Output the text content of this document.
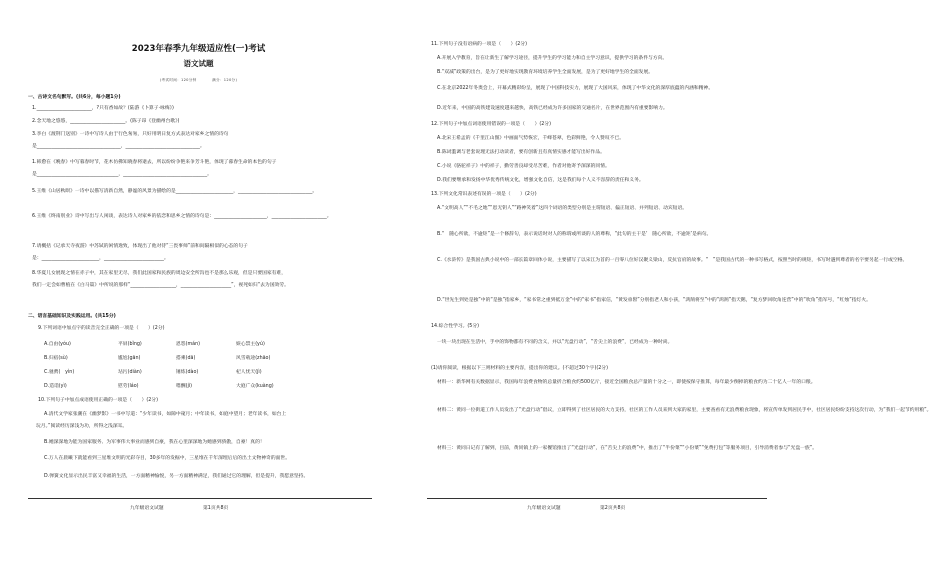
2023年春季九年级适应性(一)考试
语文试题
(考试时间：120分钟　　　　满分：120分)
一、古诗文名句默写。(共6分，每小题1分)
1._______________________，?只有香如故？(陆游《卜算子·咏梅》)
2.念天地之悠悠，_______________________。(陈子昂《登幽州台歌》)
3.李白《渡荆门送别》一诗中写诗人由于行色匆匆，只好用明日复方式表达对家乡之情的诗句
是___________________________________，_______________________________。
1.韩愈在《晚春》中写暮春时节，花木仿佛知晓春将逝去，所以纷纷争艳来争芳斗艳，体现了暮春生命的本色的句子
是__________________________________，___________________________________。
5.王维《山居秋暝》一诗中以描写清新自然，静谧的风景为描绘的是________________________，_______________________________。
6.王维《终南别业》诗中写出与人闲谈，表达诗人对家乡的依恋和思乡之情的诗句是：______________________，_______________________。
7.请概括《记承天寺夜游》中苏轼的闲情逸致，体现出了他对待“三畏事师”前和间隔相似的心态的句子
是：________________________，_________________________。
8.华夏儿女展现之情在赤子中，其在家里无尽，我们此国家和民族的周边安全所沟也不是那么乐观，但是只要国家有难，
我们一定会如曹植在《白马篇》中所说的那样“___________________，_____________________”，视死如归“去为国效劳。
二、语言基础知识及实践运用。(共15分)
9.下列词语中加点字的读音完全正确的一项是（　　）(2分)
A.自由(yóu)	平屏(bǐng)	恩怨(mán)	娱心禁主(yú)
B.归宿(sù)	尴尬(gān)	搭乘(dā)	风雪载途(zhāo)
C.驰骋(　yìn)	玷污(diàn)	锤炼(dào)	杞人忧天(jì)
D.造诣(yì)	慰劳(láo)	嗜酬(jì)	大庭广众(kuàng)
10.下列句子中加点成语使用正确的一项是（　　）(2分)
A.清代文学家张潮在《幽梦影》一书中写道：“少年读书，如隙中窥月；中年读书，如庭中望月；老年读书，如台上
玩月。”阅读经历深浅为功，所得之浅深耳。
B.她深深地为能为国家服务、为军事伟大事业而感到自豪，我在心里深深地为她感到骄傲，自豪！真的！
C.万人在晨曦下就能看到三星堆文明的光彩夺目，30多年的发掘中，三星堆在千年深埋后后的出土文物神奇的面世。
D.弹簧文化显示出民丰富又幸福的生活，一方面精神愉悦，另一方面精神满足，我们通过它的理解，但是提升，我愿意坚持。
九年级语文试题	第1页共8页
11.下列句子没有语病的一项是（　　）(2分)
A.开展入学教育，旨在让新生了解学习途径，提升学生的学习能力和自主学习意识，提供学习的条件与方向。
B.“双减”政策的出台，是为了更好地实现教育环境培养学生全面发展，是为了更好地学生的全面发展。
C.在北京2022年冬奥会上，开幕式精彩纷呈，展现了中国科技实力，展现了大国风采，体现了中华文化的深厚底蕴的内涵和精神。
D.近年来，中国的高铁建设速度越来越快，高铁已经成为许多国家的交通名片，在世界范围内有重要影响力。
12.下列句子中加点词语使用错误的一项是（　　）(2分)
A.北宋王希孟的《千里江山图》中画面气势恢宏，千峰苍翠，色彩鲜艳，令人赞叹不已。
B.陈词滥调与老套说理无法打动读者，要有创新且有真情实感才能写出好作品。
C.小说《骆驼祥子》中的祥子，勤劳善良却受尽苦难，作者对他寄予深深的同情。
D.我们要继承和发扬中华优秀传统文化，增强文化自信，这是我们每个人义不容辞的责任和义务。
13.下列文化常识表述有误的一项是（　　）(2分)
A.“文明高人”“不毛之地”“恩无钥人”“路神笑着”这四个词语的类型分别是主谓短语、偏正短语、并列短语、动宾短语。
B.“　随心所欲，不逾矩”是一个修辞句，表示说话时对人的称谓或所谈的人的尊称，“此句的主干是‘　随心所欲，不逾矩’是病句。
C.《水浒传》是我国古典小说中的一部长篇章回体小说，主要描写了以宋江为首的一百零八位好汉聚义梁山，反抗官府的故事。“　”是我国古代的一种书写格式，按照当时的规矩，书写时遇到尊者的名字要另起一行或空格。
D.“世先生到处是独”中的“是独”指家乡，“家书常之重到抵万金”中的“家书”指家信，“黄发垂髫”分别指老人和小孩，“鸿鹄将至”中的“鸿鹄”指天鹅，“复方梦回吹角连营”中的“吹角”指军号，“红烛”指灯火。
14.综合性学习。(5分)
一块一块出现在生活中，手中的饰物都有不同的含义，并以“光盘行动”，“舌尖上的浪费”，已经成为一种时尚。
(1)请你阅读，根据以下三则材料的主要内容，提出你的建议。(不超过30个字)(2分)
材料一：新华网有关数据显示，我国每年浪费食物的总量折合粮食约500亿斤，接近全国粮食总产量的十分之一，即使按保守推算，每年最少倒掉的粮食约为二十亿人一年的口粮。
材料二：黄同一位街道工作人员发出了“光盘行动”倡议，立即得到了社区居民的大力支持，社区的工作人员来到大家的家里，主要查看有无浪费粮食现象，将宣传单发到居民手中，社区居民纷纷支持这次行动，为“我们一起节约用粮”。
材料三：黄同日记有了解到，目前，黄同镇上的一家餐馆推出了“光盘行动”，在“舌尖上的浪费”中，推出了“半份菜”“小份菜”“免费打包”等服务项目，引导消费者参与“光盘一族”。
九年级语文试题	第2页共8页
